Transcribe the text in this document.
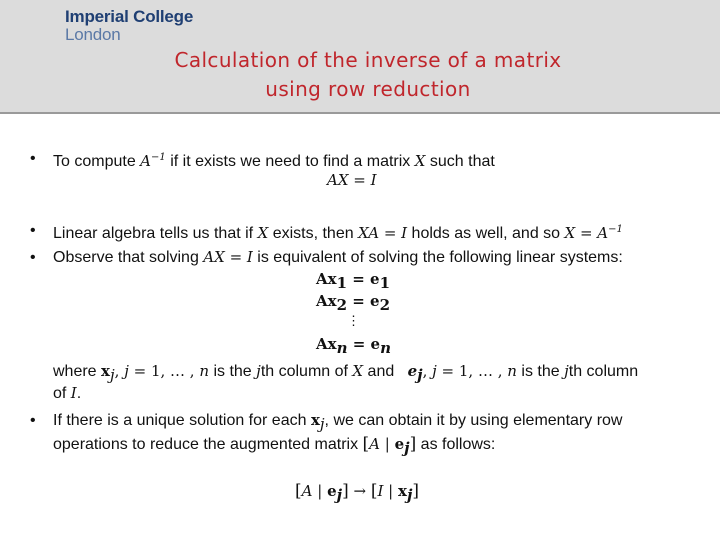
Imperial College
London
Calculation of the inverse of a matrix
using row reduction
• To compute $A^{-1}$ if it exists we need to find a matrix X such that
AX = I
• Linear algebra tells us that if X exists, then XA = I holds as well, and so $X = A^{-1}$
• Observe that solving AX = I is equivalent of solving the following linear systems:
$Ax_1 = e_1$
$Ax_2 = e_2$
⋮
$Ax_n = e_n$
where $x_j$, j = 1, … , n is the jth column of X and   $e_j$, j = 1, … , n is the jth column
of I.
• If there is a unique solution for each $x_j$, we can obtain it by using elementary row
operations to reduce the augmented matrix [A | $e_j$] as follows:
[A | $e_j] \to [I$ | $x_j$]
